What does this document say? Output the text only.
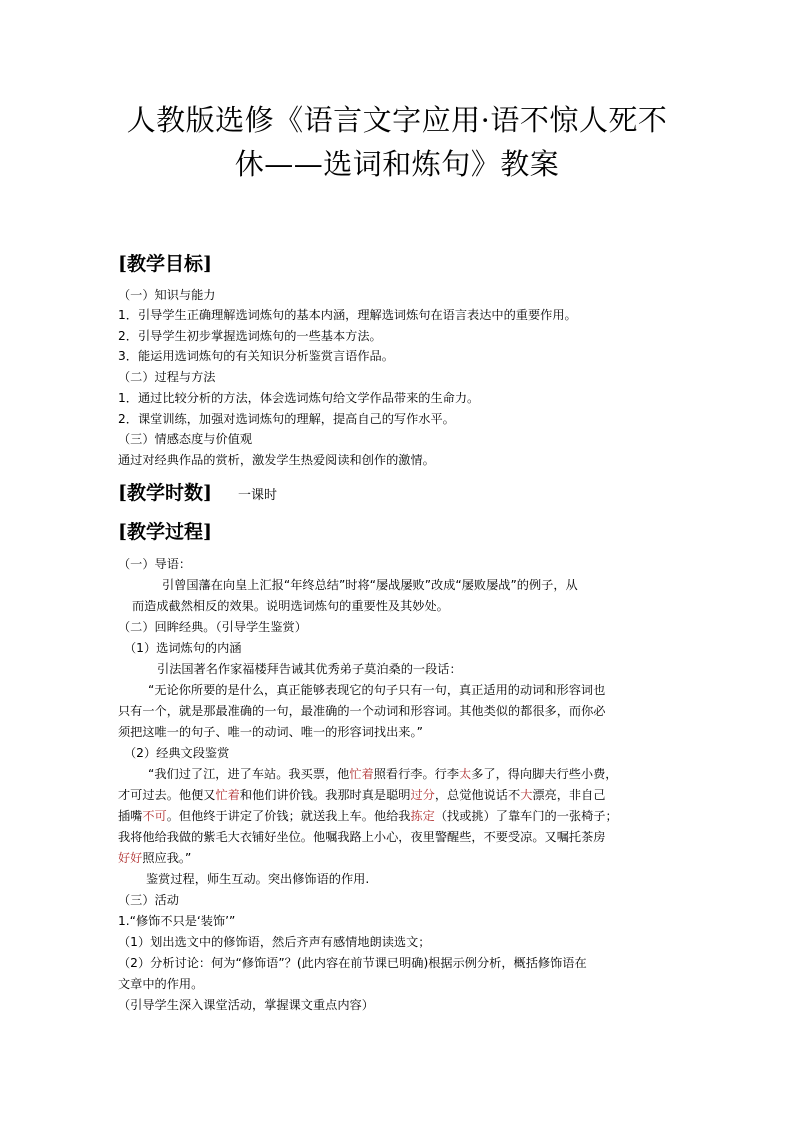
人教版选修《语言文字应用·语不惊人死不
休——选词和炼句》教案
[教学目标]
（一）知识与能力
1．引导学生正确理解选词炼句的基本内涵，理解选词炼句在语言表达中的重要作用。
2．引导学生初步掌握选词炼句的一些基本方法。
3．能运用选词炼句的有关知识分析鉴赏言语作品。
（二）过程与方法
1．通过比较分析的方法，体会选词炼句给文学作品带来的生命力。
2．课堂训练，加强对选词炼句的理解，提高自己的写作水平。
（三）情感态度与价值观
通过对经典作品的赏析，激发学生热爱阅读和创作的激情。
[教学时数] 一课时
[教学过程]
（一）导语：
引曾国藩在向皇上汇报“年终总结”时将“屡战屡败”改成“屡败屡战”的例子，从
而造成截然相反的效果。说明选词炼句的重要性及其妙处。
（二）回眸经典。（引导学生鉴赏）
（1）选词炼句的内涵
引法国著名作家福楼拜告诫其优秀弟子莫泊桑的一段话：
“无论你所要的是什么，真正能够表现它的句子只有一句，真正适用的动词和形容词也
只有一个，就是那最准确的一句，最准确的一个动词和形容词。其他类似的都很多，而你必
须把这唯一的句子、唯一的动词、唯一的形容词找出来。”
（2）经典文段鉴赏
“我们过了江，进了车站。我买票，他忙着照看行李。行李太多了，得向脚夫行些小费，
才可过去。他便又忙着和他们讲价钱。我那时真是聪明过分，总觉他说话不大漂亮，非自己
插嘴不可。但他终于讲定了价钱；就送我上车。他给我拣定（找或挑）了靠车门的一张椅子；
我将他给我做的紫毛大衣铺好坐位。他嘱我路上小心，夜里警醒些，不要受凉。又嘱托茶房
好好照应我。”
鉴赏过程，师生互动。突出修饰语的作用.
（三）活动
1.“修饰不只是‘装饰’”
（1）划出选文中的修饰语，然后齐声有感情地朗读选文；
（2）分析讨论：何为“修饰语”？(此内容在前节课已明确)根据示例分析，概括修饰语在
文章中的作用。
（引导学生深入课堂活动，掌握课文重点内容）
